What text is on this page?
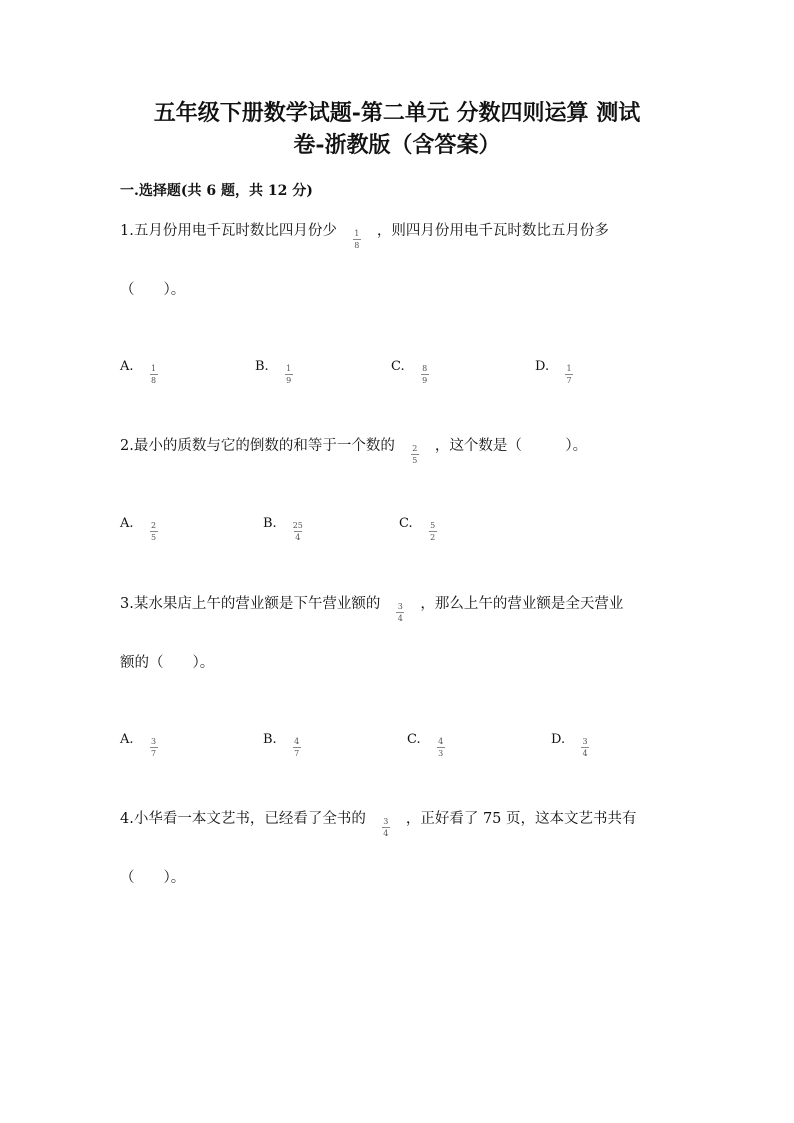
五年级下册数学试题-第二单元 分数四则运算 测试
卷-浙教版（含答案）
一.选择题(共 6 题，共 12 分)
1.五月份用电千瓦时数比四月份少 $\frac{1}{8}$ ，则四月份用电千瓦时数比五月份多
（　　）。
A. $\frac{1}{8}$	B. $\frac{1}{9}$	C. $\frac{8}{9}$	D. $\frac{1}{7}$
2.最小的质数与它的倒数的和等于一个数的 $\frac{2}{5}$ ，这个数是（　　　）。
A. $\frac{2}{5}$	B. $\frac{25}{4}$	C. $\frac{5}{2}$
3.某水果店上午的营业额是下午营业额的 $\frac{3}{4}$ ，那么上午的营业额是全天营业
额的（　　）。
A. $\frac{3}{7}$	B. $\frac{4}{7}$	C. $\frac{4}{3}$	D. $\frac{3}{4}$
4.小华看一本文艺书，已经看了全书的 $\frac{3}{4}$ ，正好看了 75 页，这本文艺书共有
（　　）。
